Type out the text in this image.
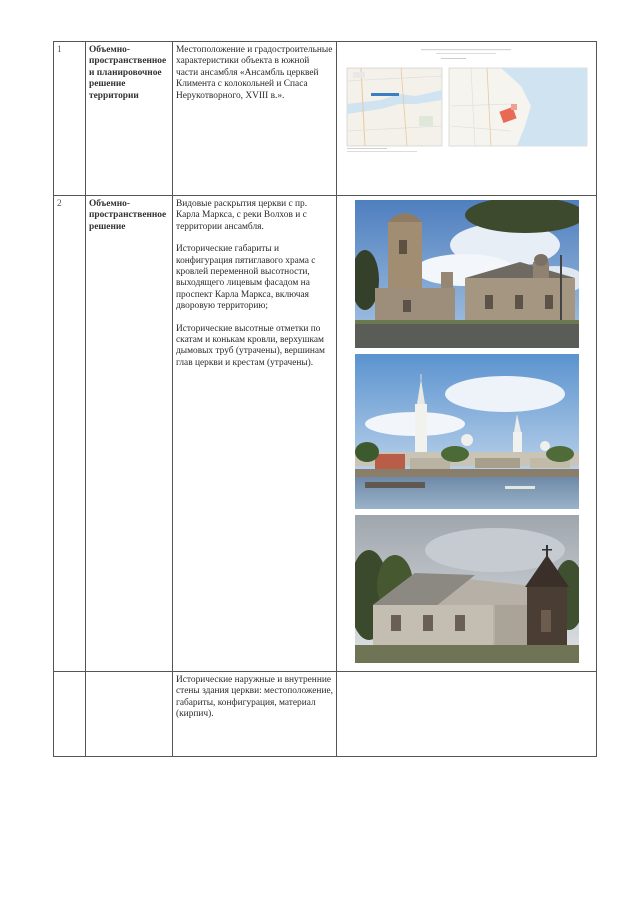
1	Объемно-пространственное и планировочное решение территории	Местоположение и градостроительные характеристики объекта в южной части ансамбля «Ансамбль церквей Климента с колокольней и Спаса Нерукотворного, XVIII в.».

2	Объемно-пространственное решение	Видовые раскрытия церкви с пр. Карла Маркса, с реки Волхов и с территории ансамбля.

Исторические габариты и конфигурация пятиглавого храма с кровлей переменной высотности, выходящего лицевым фасадом на проспект Карла Маркса, включая дворовую территорию;

Исторические высотные отметки по скатам и конькам кровли, верхушкам дымовых труб (утрачены), вершинам глав церкви и крестам (утрачены).

		Исторические наружные и внутренние стены здания церкви: местоположение, габариты, конфигурация, материал (кирпич).	
